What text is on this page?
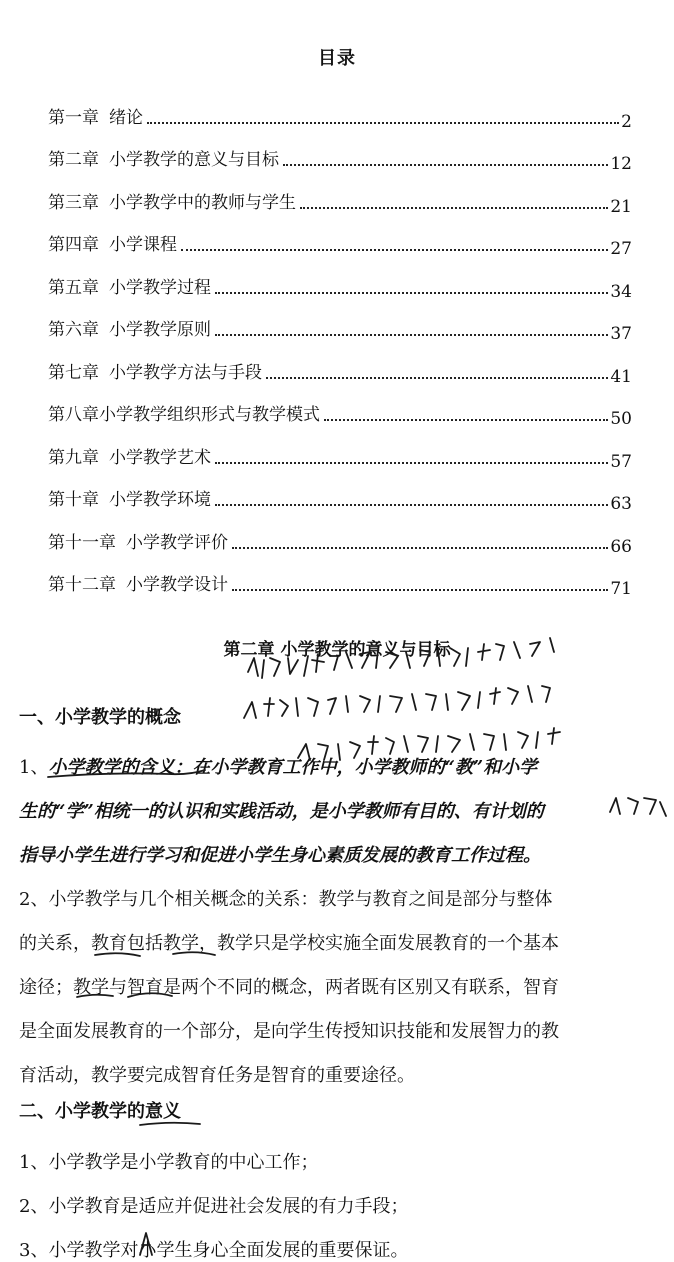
目录
第一章 绪论	2
第二章 小学教学的意义与目标	12
第三章 小学教学中的教师与学生	21
第四章 小学课程	27
第五章 小学教学过程	34
第六章 小学教学原则	37
第七章 小学教学方法与手段	41
第八章 小学教学组织形式与教学模式	50
第九章 小学教学艺术	57
第十章 小学教学环境	63
第十一章 小学教学评价	66
第十二章 小学教学设计	71
第二章 小学教学的意义与目标
一、小学教学的概念
1、小学教学的含义：在小学教育工作中，小学教师的“教”和小学
生的“学”相统一的认识和实践活动，是小学教师有目的、有计划的
指导小学生进行学习和促进小学生身心素质发展的教育工作过程。
2、小学教学与几个相关概念的关系：教学与教育之间是部分与整体
的关系，教育包括教学，教学只是学校实施全面发展教育的一个基本
途径；教学与智育是两个不同的概念，两者既有区别又有联系，智育
是全面发展教育的一个部分，是向学生传授知识技能和发展智力的教
育活动，教学要完成智育任务是智育的重要途径。
二、小学教学的意义
1、小学教学是小学教育的中心工作；
2、小学教育是适应并促进社会发展的有力手段；
3、小学教学对小学生身心全面发展的重要保证。
